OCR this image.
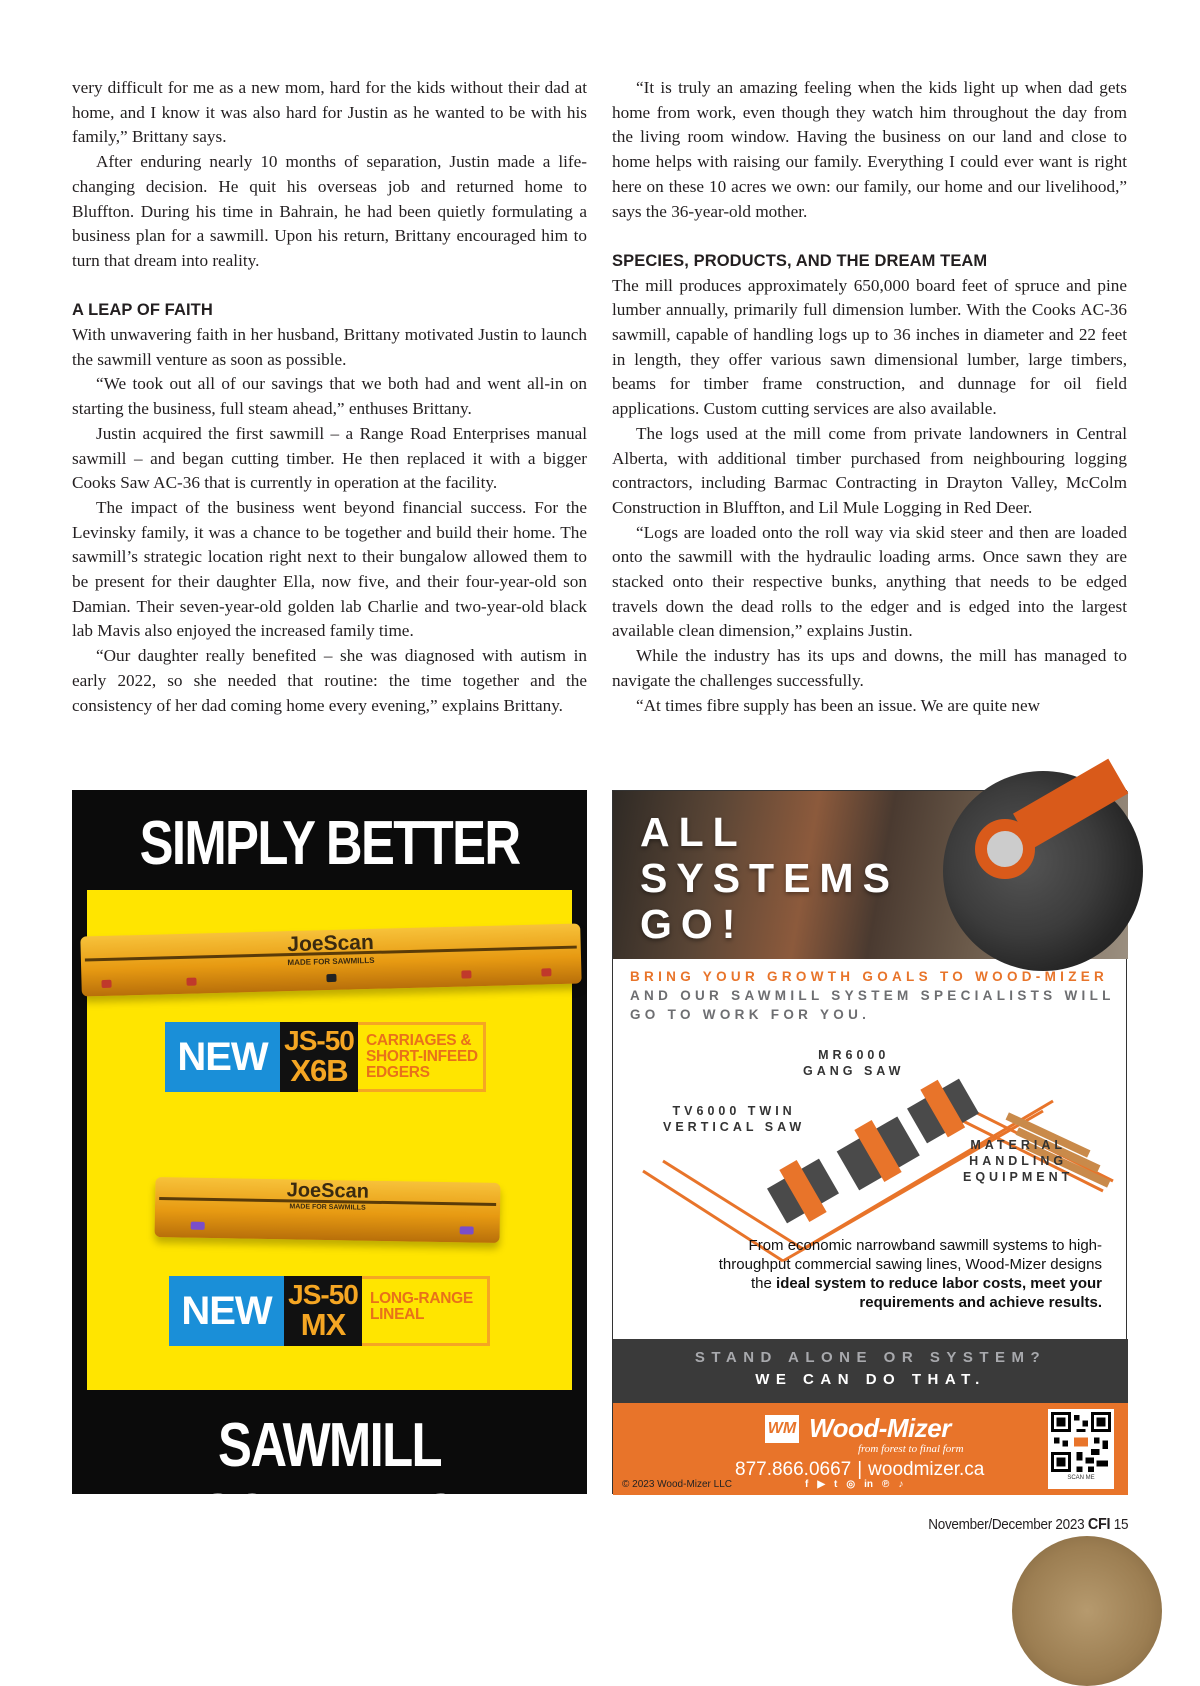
very difficult for me as a new mom, hard for the kids without their dad at home, and I know it was also hard for Justin as he wanted to be with his family,” Brittany says.

After enduring nearly 10 months of separation, Justin made a life-changing decision. He quit his overseas job and returned home to Bluffton. During his time in Bahrain, he had been quietly formulating a business plan for a sawmill. Upon his return, Brittany encouraged him to turn that dream into reality.

A LEAP OF FAITH

With unwavering faith in her husband, Brittany motivated Justin to launch the sawmill venture as soon as possible.

“We took out all of our savings that we both had and went all-in on starting the business, full steam ahead,” enthuses Brittany.

Justin acquired the first sawmill – a Range Road Enterprises manual sawmill – and began cutting timber. He then replaced it with a bigger Cooks Saw AC-36 that is currently in operation at the facility.

The impact of the business went beyond financial success. For the Levinsky family, it was a chance to be together and build their home. The sawmill’s strategic location right next to their bungalow allowed them to be present for their daughter Ella, now five, and their four-year-old son Damian. Their seven-year-old golden lab Charlie and two-year-old black lab Mavis also enjoyed the increased family time.

“Our daughter really benefited – she was diagnosed with autism in early 2022, so she needed that routine: the time together and the consistency of her dad coming home every evening,” explains Brittany.

“It is truly an amazing feeling when the kids light up when dad gets home from work, even though they watch him throughout the day from the living room window. Having the business on our land and close to home helps with raising our family. Everything I could ever want is right here on these 10 acres we own: our family, our home and our livelihood,” says the 36-year-old mother.

SPECIES, PRODUCTS, AND THE DREAM TEAM

The mill produces approximately 650,000 board feet of spruce and pine lumber annually, primarily full dimension lumber. With the Cooks AC-36 sawmill, capable of handling logs up to 36 inches in diameter and 22 feet in length, they offer various sawn dimensional lumber, large timbers, beams for timber frame construction, and dunnage for oil field applications. Custom cutting services are also available.

The logs used at the mill come from private landowners in Central Alberta, with additional timber purchased from neighbouring logging contractors, including Barmac Contracting in Drayton Valley, McColm Construction in Bluffton, and Lil Mule Logging in Red Deer.

“Logs are loaded onto the roll way via skid steer and then are loaded onto the sawmill with the hydraulic loading arms. Once sawn they are stacked onto their respective bunks, anything that needs to be edged travels down the dead rolls to the edger and is edged into the largest available clean dimension,” explains Justin.

While the industry has its ups and downs, the mill has managed to navigate the challenges successfully.

“At times fibre supply has been an issue. We are quite new

SIMPLY BETTER
JoeScan
MADE FOR SAWMILLS
NEW JS-50
X6B
CARRIAGES &
SHORT-INFEED
EDGERS
JoeScan
MADE FOR SAWMILLS
NEW JS-50
MX
LONG-RANGE
LINEAL
SAWMILL SCANNING
ALL
SYSTEMS
GO!
BRING YOUR GROWTH GOALS TO WOOD-MIZER
AND OUR SAWMILL SYSTEM SPECIALISTS WILL
GO TO WORK FOR YOU.
MR6000
GANG SAW
TV6000 TWIN
VERTICAL SAW
MATERIAL
HANDLING
EQUIPMENT
From economic narrowband sawmill systems to high-throughput commercial sawing lines, Wood-Mizer designs the ideal system to reduce labor costs, meet your requirements and achieve results.
STAND ALONE OR SYSTEM?
WE CAN DO THAT.
WM Wood-Mizer
from forest to final form
877.866.0667 | woodmizer.ca
© 2023 Wood-Mizer LLC	f ▶ t ◎ in ℗ ♪
SCAN ME
November/December 2023 CFI 15
